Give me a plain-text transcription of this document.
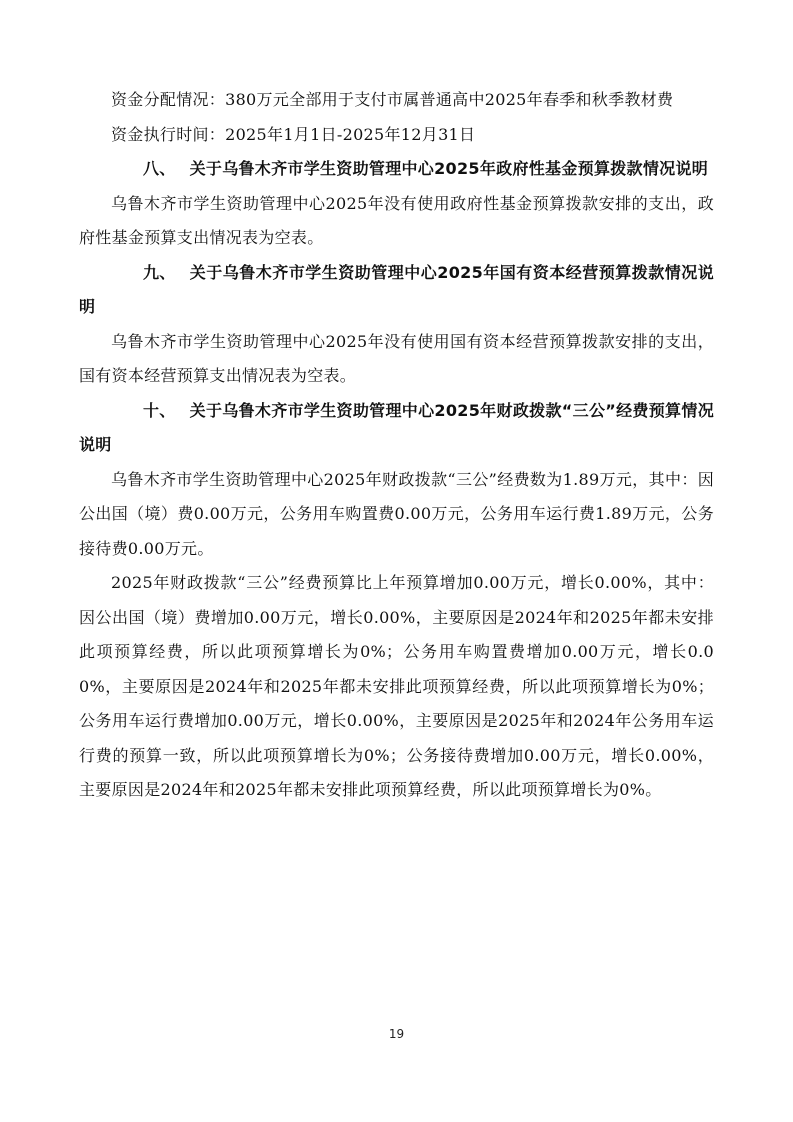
资金分配情况：380万元全部用于支付市属普通高中2025年春季和秋季教材费

资金执行时间：2025年1月1日-2025年12月31日

八、 关于乌鲁木齐市学生资助管理中心2025年政府性基金预算拨款情况说明

乌鲁木齐市学生资助管理中心2025年没有使用政府性基金预算拨款安排的支出，政府性基金预算支出情况表为空表。

九、 关于乌鲁木齐市学生资助管理中心2025年国有资本经营预算拨款情况说明

乌鲁木齐市学生资助管理中心2025年没有使用国有资本经营预算拨款安排的支出，国有资本经营预算支出情况表为空表。

十、 关于乌鲁木齐市学生资助管理中心2025年财政拨款“三公”经费预算情况说明

乌鲁木齐市学生资助管理中心2025年财政拨款“三公”经费数为1.89万元，其中：因公出国（境）费0.00万元，公务用车购置费0.00万元，公务用车运行费1.89万元，公务接待费0.00万元。

2025年财政拨款“三公”经费预算比上年预算增加0.00万元，增长0.00%，其中：因公出国（境）费增加0.00万元，增长0.00%，主要原因是2024年和2025年都未安排此项预算经费，所以此项预算增长为0%；公务用车购置费增加0.00万元，增长0.00%，主要原因是2024年和2025年都未安排此项预算经费，所以此项预算增长为0%；公务用车运行费增加0.00万元，增长0.00%，主要原因是2025年和2024年公务用车运行费的预算一致，所以此项预算增长为0%；公务接待费增加0.00万元，增长0.00%，主要原因是2024年和2025年都未安排此项预算经费，所以此项预算增长为0%。

19
